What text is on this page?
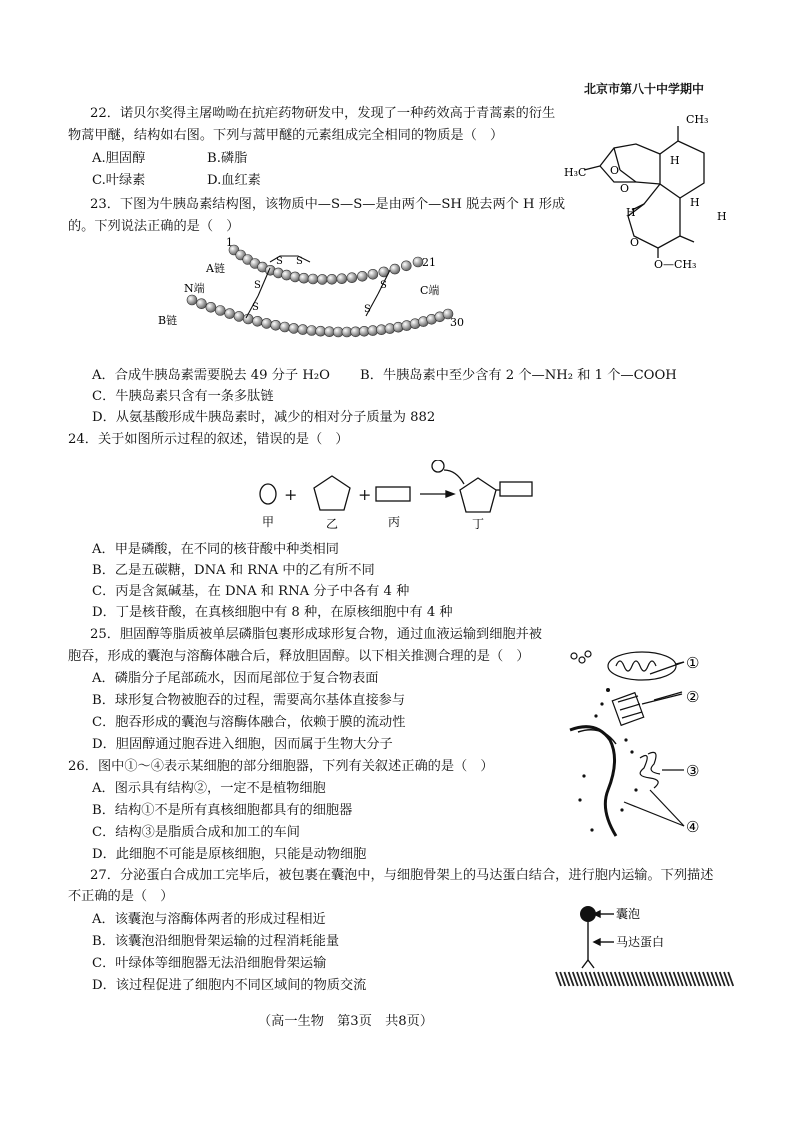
北京市第八十中学期中
22．诺贝尔奖得主屠呦呦在抗疟药物研发中，发现了一种药效高于青蒿素的衍生
物蒿甲醚，结构如右图。下列与蒿甲醚的元素组成完全相同的物质是（　）
A.胆固醇	B.磷脂
C.叶绿素	D.血红素
CH₃
H
H₃C O
O
H
H
H
O
O—CH₃
23．下图为牛胰岛素结构图，该物质中—S—S—是由两个—SH 脱去两个 H 形成
的。下列说法正确的是（　）
S S
S
S
S
S
1
A链	21
N端	C端
B链	30
A．合成牛胰岛素需要脱去 49 分子 H₂O B．牛胰岛素中至少含有 2 个—NH₂ 和 1 个—COOH
C．牛胰岛素只含有一条多肽链
D．从氨基酸形成牛胰岛素时，减少的相对分子质量为 882
24．关于如图所示过程的叙述，错误的是（　）
+	+
甲	乙	丙	丁
A．甲是磷酸，在不同的核苷酸中种类相同
B．乙是五碳糖，DNA 和 RNA 中的乙有所不同
C．丙是含氮碱基，在 DNA 和 RNA 分子中各有 4 种
D．丁是核苷酸，在真核细胞中有 8 种，在原核细胞中有 4 种
25．胆固醇等脂质被单层磷脂包裹形成球形复合物，通过血液运输到细胞并被
胞吞，形成的囊泡与溶酶体融合后，释放胆固醇。以下相关推测合理的是（　）
A．磷脂分子尾部疏水，因而尾部位于复合物表面
B．球形复合物被胞吞的过程，需要高尔基体直接参与
C．胞吞形成的囊泡与溶酶体融合，依赖于膜的流动性
D．胆固醇通过胞吞进入细胞，因而属于生物大分子
26．图中①～④表示某细胞的部分细胞器，下列有关叙述正确的是（　）
A．图示具有结构②，一定不是植物细胞
B．结构①不是所有真核细胞都具有的细胞器
C．结构③是脂质合成和加工的车间
D．此细胞不可能是原核细胞，只能是动物细胞
①
②
③
④
27．分泌蛋白合成加工完毕后，被包裹在囊泡中，与细胞骨架上的马达蛋白结合，进行胞内运输。下列描述
不正确的是（　）
A．该囊泡与溶酶体两者的形成过程相近
B．该囊泡沿细胞骨架运输的过程消耗能量
C．叶绿体等细胞器无法沿细胞骨架运输
D．该过程促进了细胞内不同区域间的物质交流
囊泡
马达蛋白
（高一生物　第3页　共8页）
